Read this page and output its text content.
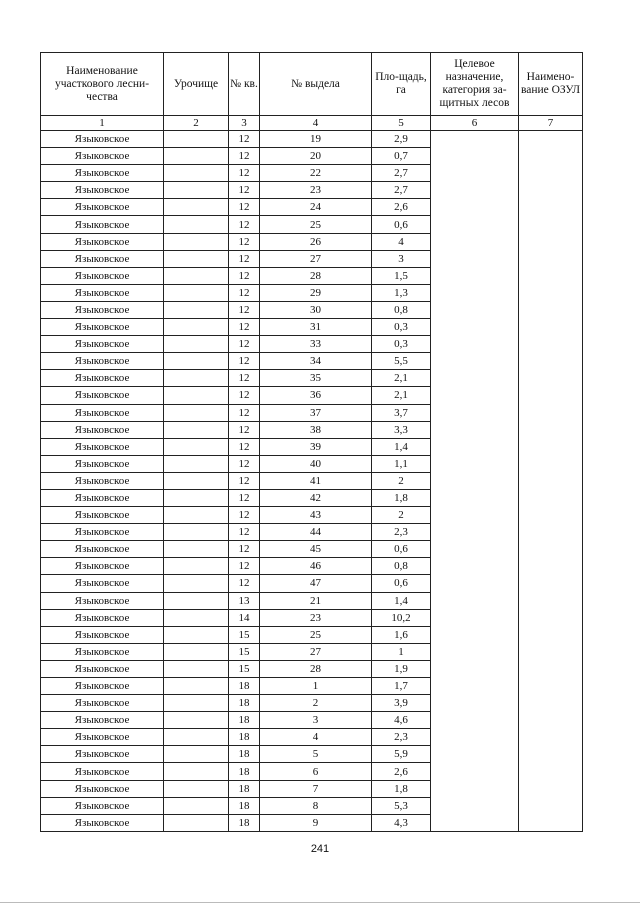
Наименование участкового лесни-чества	Урочище	№ кв.	№ выдела	Пло-щадь, га	Целевое назначение, категория за-щитных лесов	Наимено-вание ОЗУЛ
1	2	3	4	5	6	7
Языковское		12	19	2,9		
Языковское		12	20	0,7		
Языковское		12	22	2,7		
Языковское		12	23	2,7		
Языковское		12	24	2,6		
Языковское		12	25	0,6		
Языковское		12	26	4		
Языковское		12	27	3		
Языковское		12	28	1,5		
Языковское		12	29	1,3		
Языковское		12	30	0,8		
Языковское		12	31	0,3		
Языковское		12	33	0,3		
Языковское		12	34	5,5		
Языковское		12	35	2,1		
Языковское		12	36	2,1		
Языковское		12	37	3,7		
Языковское		12	38	3,3		
Языковское		12	39	1,4		
Языковское		12	40	1,1		
Языковское		12	41	2		
Языковское		12	42	1,8		
Языковское		12	43	2		
Языковское		12	44	2,3		
Языковское		12	45	0,6		
Языковское		12	46	0,8		
Языковское		12	47	0,6		
Языковское		13	21	1,4		
Языковское		14	23	10,2		
Языковское		15	25	1,6		
Языковское		15	27	1		
Языковское		15	28	1,9		
Языковское		18	1	1,7		
Языковское		18	2	3,9		
Языковское		18	3	4,6		
Языковское		18	4	2,3		
Языковское		18	5	5,9		
Языковское		18	6	2,6		
Языковское		18	7	1,8		
Языковское		18	8	5,3		
Языковское		18	9	4,3		
241
